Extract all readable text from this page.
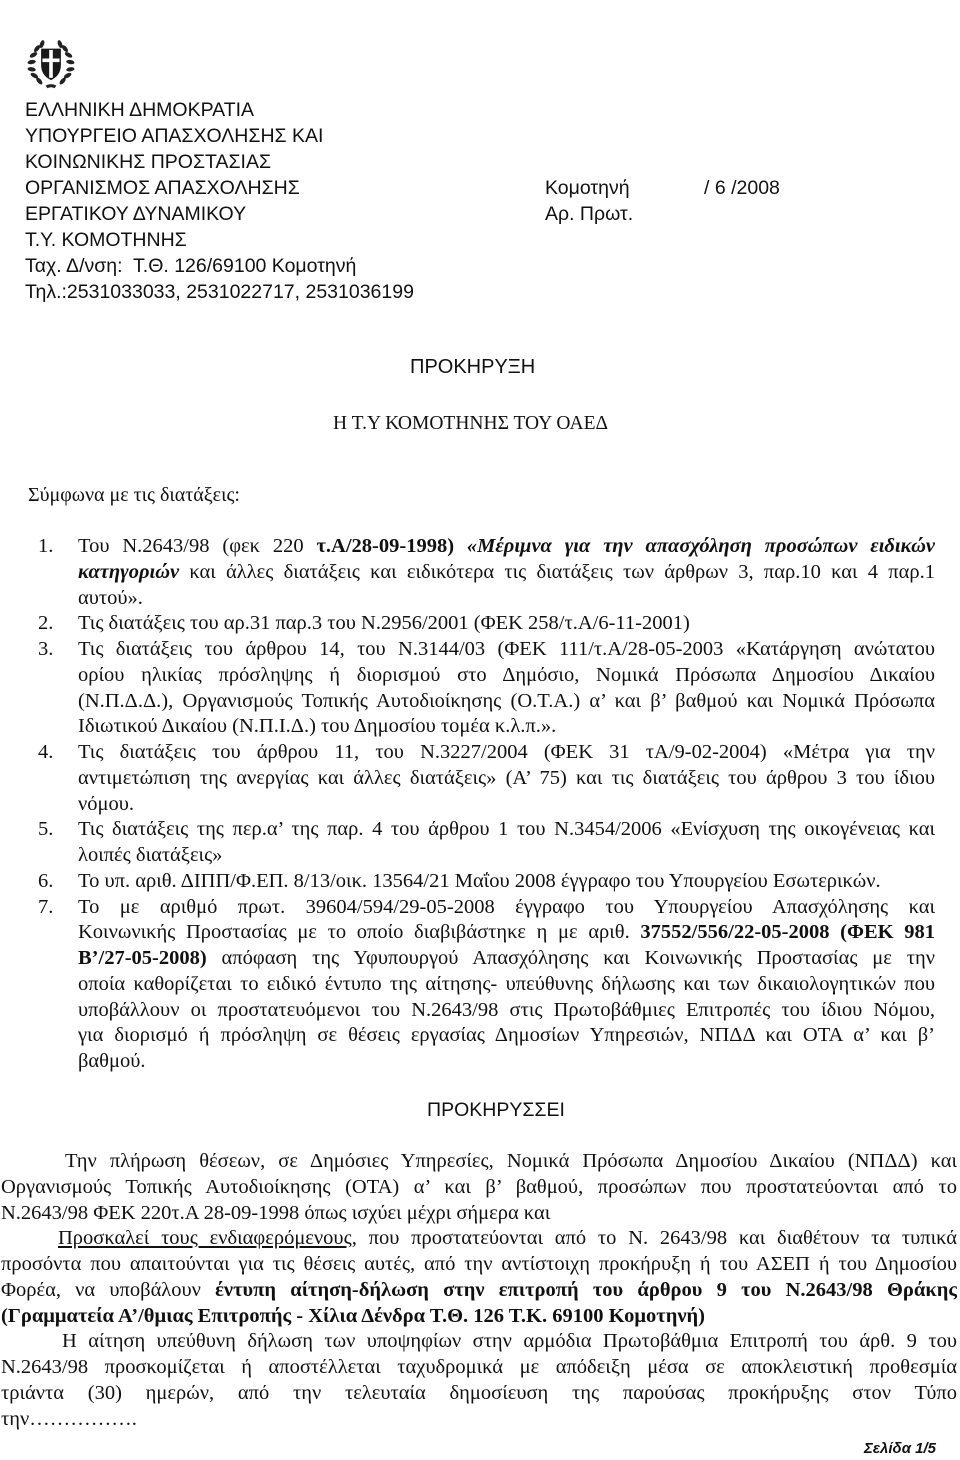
ΕΛΛΗΝΙΚΗ ΔΗΜΟΚΡΑΤΙΑ
ΥΠΟΥΡΓΕΙΟ ΑΠΑΣΧΟΛΗΣΗΣ ΚΑΙ
ΚΟΙΝΩΝΙΚΗΣ ΠΡΟΣΤΑΣΙΑΣ
ΟΡΓΑΝΙΣΜΟΣ ΑΠΑΣΧΟΛΗΣΗΣ
ΕΡΓΑΤΙΚΟΥ ΔΥΝΑΜΙΚΟΥ
Τ.Υ. ΚΟΜΟΤΗΝΗΣ
Ταχ. Δ/νση:  Τ.Θ. 126/69100 Κομοτηνή
Τηλ.:2531033033, 2531022717, 2531036199
Κομοτηνή	/ 6 /2008
Αρ. Πρωτ.
ΠΡΟΚΗΡΥΞΗ
Η Τ.Υ ΚΟΜΟΤΗΝΗΣ ΤΟΥ ΟΑΕΔ
Σύμφωνα με τις διατάξεις:
1.	Του Ν.2643/98 (φεκ 220 τ.Α/28-09-1998) «Μέριμνα για την απασχόληση προσώπων ειδικών
κατηγοριών και άλλες διατάξεις και ειδικότερα τις διατάξεις των άρθρων 3, παρ.10 και 4 παρ.1
αυτού».
2.	Τις διατάξεις του αρ.31 παρ.3 του Ν.2956/2001 (ΦΕΚ 258/τ.Α/6-11-2001)
3.	Τις διατάξεις του άρθρου 14, του Ν.3144/03 (ΦΕΚ 111/τ.Α/28-05-2003 «Κατάργηση ανώτατου
ορίου ηλικίας πρόσληψης ή διορισμού στο Δημόσιο, Νομικά Πρόσωπα Δημοσίου Δικαίου
(Ν.Π.Δ.Δ.), Οργανισμούς Τοπικής Αυτοδιοίκησης (Ο.Τ.Α.) α’ και β’ βαθμού και Νομικά Πρόσωπα
Ιδιωτικού Δικαίου (Ν.Π.Ι.Δ.) του Δημοσίου τομέα κ.λ.π.».
4.	Τις διατάξεις του άρθρου 11, του Ν.3227/2004 (ΦΕΚ 31 τΑ/9-02-2004) «Μέτρα για την
αντιμετώπιση της ανεργίας και άλλες διατάξεις» (Α’ 75) και τις διατάξεις του άρθρου 3 του ίδιου
νόμου.
5.	Τις διατάξεις της περ.α’ της παρ. 4 του άρθρου 1 του Ν.3454/2006 «Ενίσχυση της οικογένειας και
λοιπές διατάξεις»
6.	Το υπ. αριθ. ΔΙΠΠ/Φ.ΕΠ. 8/13/οικ. 13564/21 Μαΐου 2008 έγγραφο του Υπουργείου Εσωτερικών.
7.	Το με αριθμό πρωτ. 39604/594/29-05-2008 έγγραφο του Υπουργείου Απασχόλησης και
Κοινωνικής Προστασίας με το οποίο διαβιβάστηκε η με αριθ. 37552/556/22-05-2008 (ΦΕΚ 981
Β’/27-05-2008) απόφαση της Υφυπουργού Απασχόλησης και Κοινωνικής Προστασίας με την
οποία καθορίζεται το ειδικό έντυπο της αίτησης- υπεύθυνης δήλωσης και των δικαιολογητικών που
υποβάλλουν οι προστατευόμενοι του Ν.2643/98 στις Πρωτοβάθμιες Επιτροπές του ίδιου Νόμου,
για διορισμό ή πρόσληψη σε θέσεις εργασίας Δημοσίων Υπηρεσιών, ΝΠΔΔ και ΟΤΑ α’ και β’
βαθμού.
ΠΡΟΚΗΡΥΣΣΕΙ
Την πλήρωση θέσεων, σε Δημόσιες Υπηρεσίες, Νομικά Πρόσωπα Δημοσίου Δικαίου (ΝΠΔΔ) και
Οργανισμούς Τοπικής Αυτοδιοίκησης (ΟΤΑ) α’ και β’ βαθμού, προσώπων που προστατεύονται από το
Ν.2643/98 ΦΕΚ 220τ.Α 28-09-1998 όπως ισχύει μέχρι σήμερα και
Προσκαλεί τους ενδιαφερόμενους, που προστατεύονται από το Ν. 2643/98 και διαθέτουν τα τυπικά
προσόντα που απαιτούνται για τις θέσεις αυτές, από την αντίστοιχη προκήρυξη ή του ΑΣΕΠ ή του Δημοσίου
Φορέα, να υποβάλουν έντυπη αίτηση-δήλωση στην επιτροπή του άρθρου 9 του Ν.2643/98 Θράκης
(Γραμματεία Α’/θμιας Επιτροπής - Χίλια Δένδρα Τ.Θ. 126 Τ.Κ. 69100 Κομοτηνή)
Η αίτηση υπεύθυνη δήλωση των υποψηφίων στην αρμόδια Πρωτοβάθμια Επιτροπή του άρθ. 9 του
Ν.2643/98 προσκομίζεται ή αποστέλλεται ταχυδρομικά με απόδειξη μέσα σε αποκλειστική προθεσμία
τριάντα (30) ημερών, από την τελευταία δημοσίευση της παρούσας προκήρυξης στον Τύπο
την…………….
Σελίδα 1/5
